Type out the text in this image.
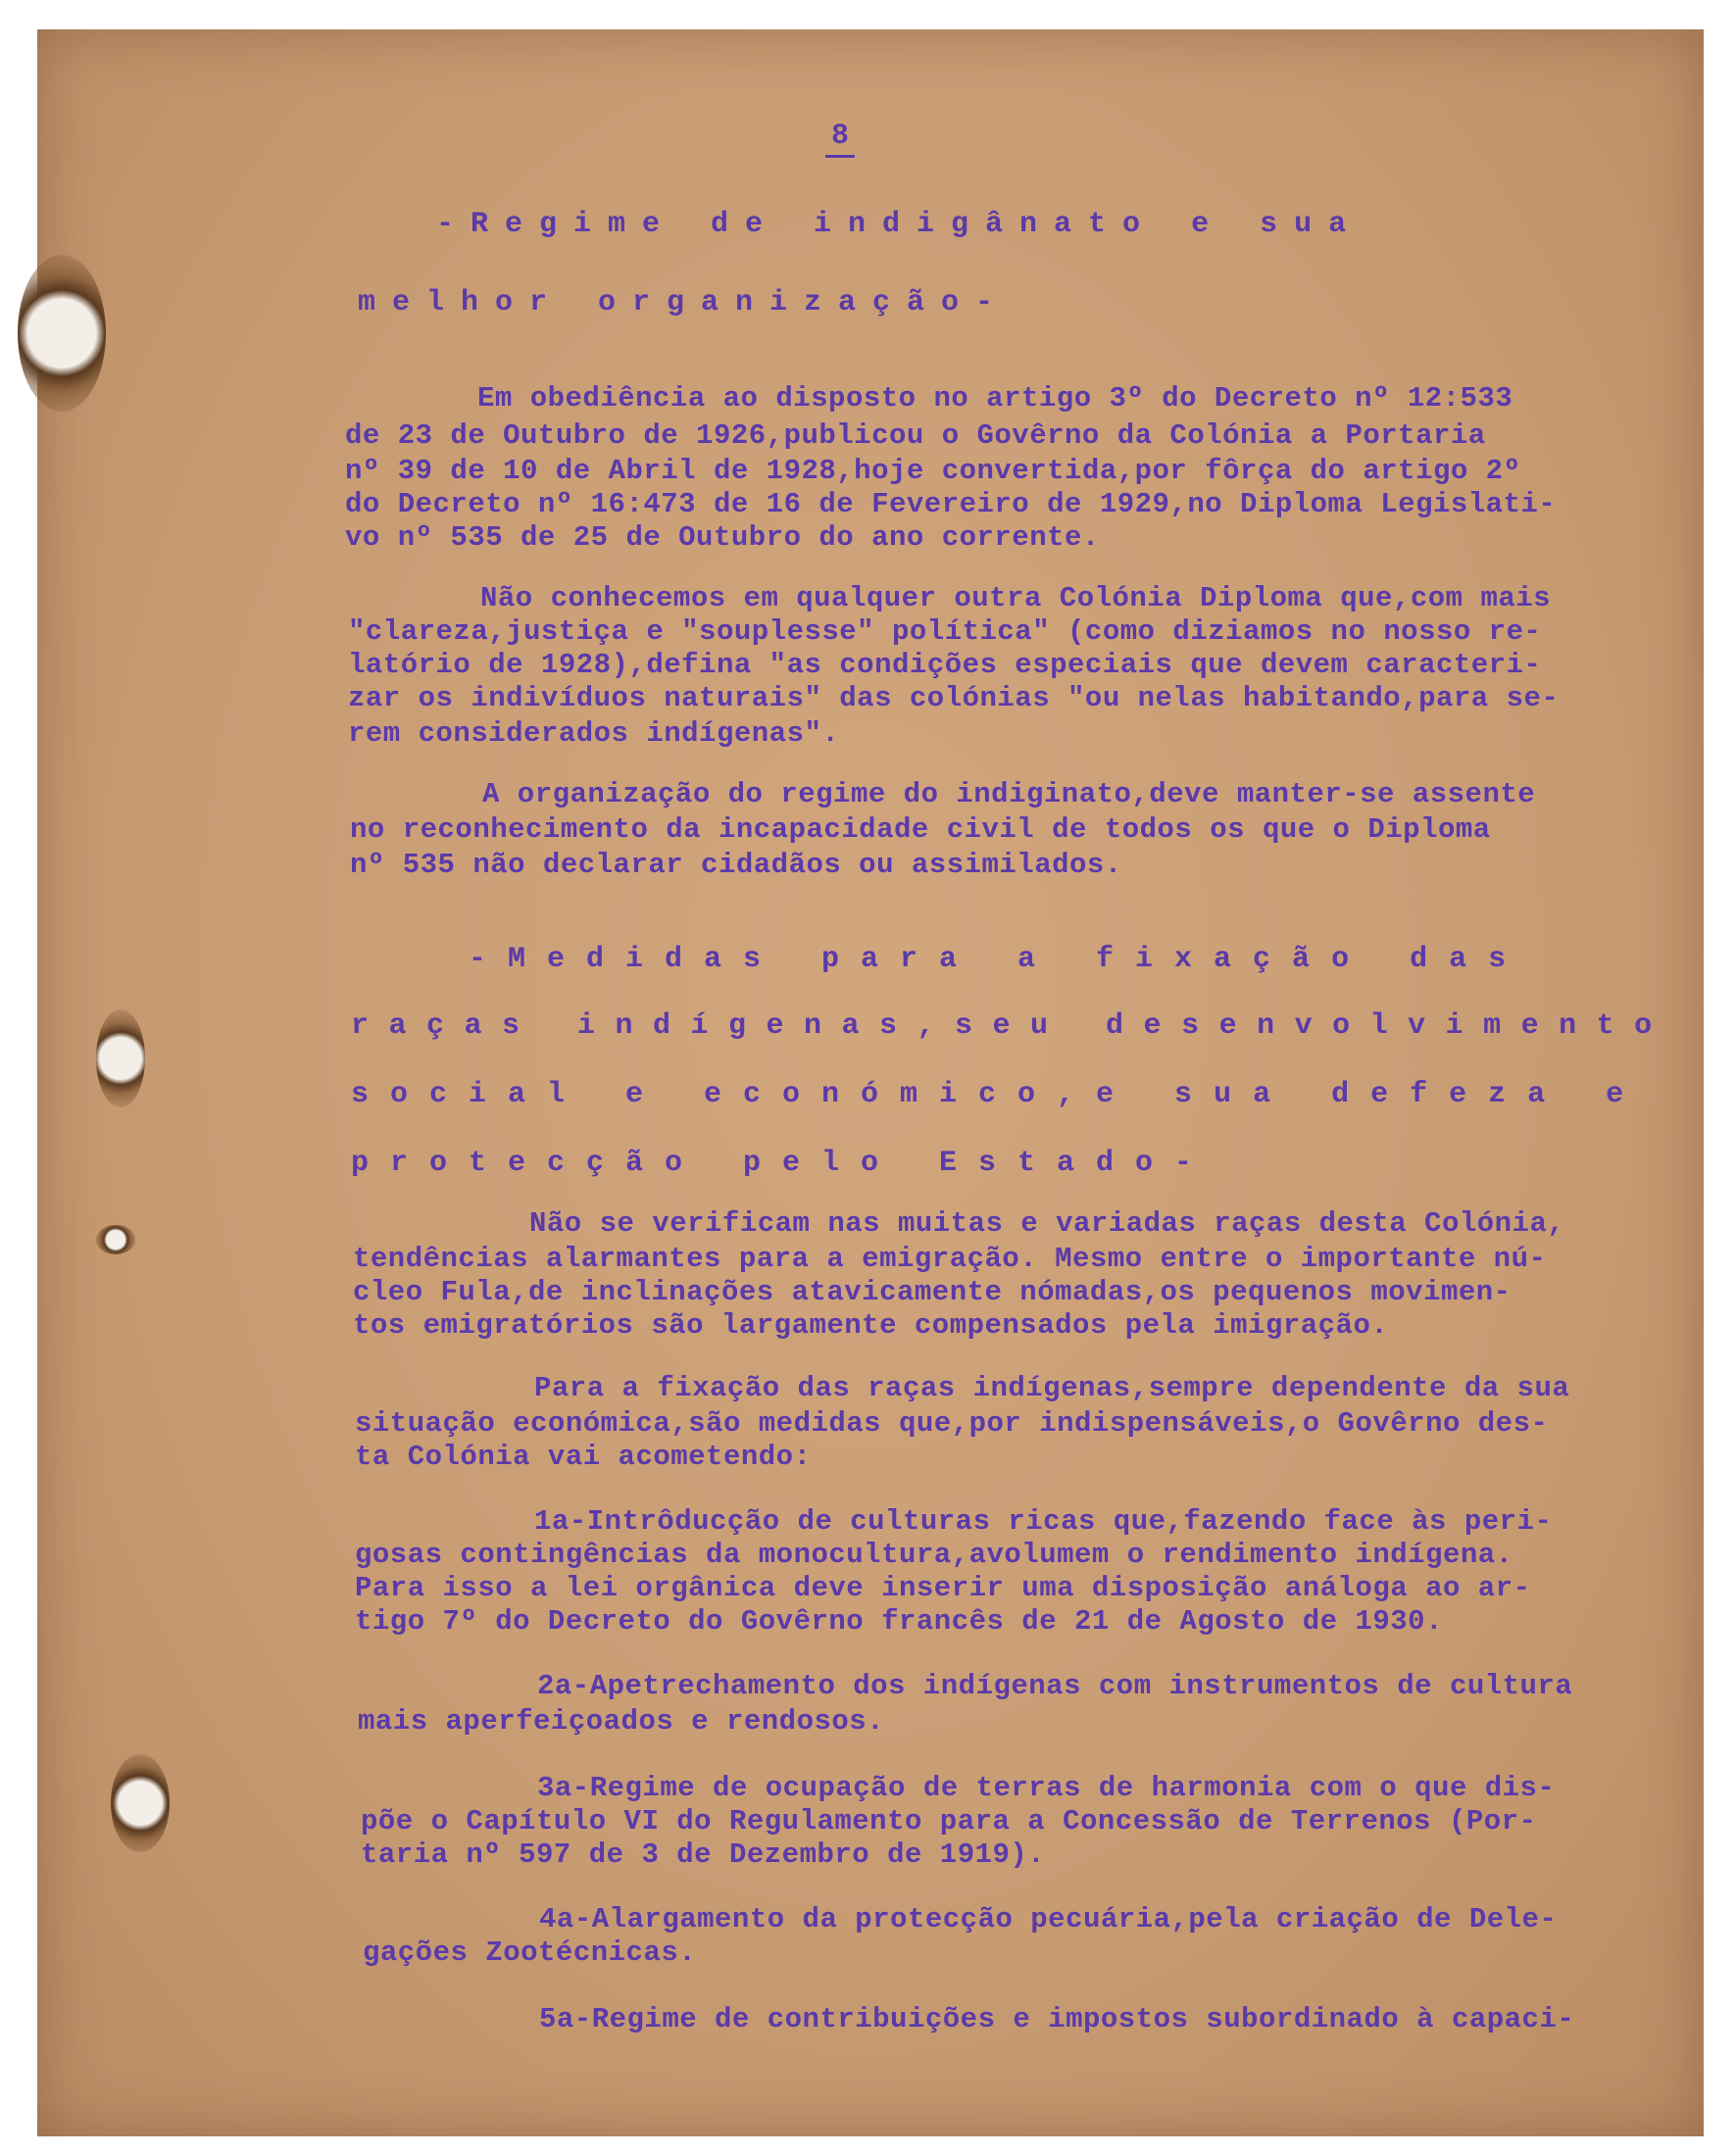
8
-Regime de indigânato e sua
melhor organização-
Em obediência ao disposto no artigo 3º do Decreto nº 12:533
de 23 de Outubro de 1926,publicou o Govêrno da Colónia a Portaria
nº 39 de 10 de Abril de 1928,hoje convertida,por fôrça do artigo 2º
do Decreto nº 16:473 de 16 de Fevereiro de 1929,no Diploma Legislati-
vo nº 535 de 25 de Outubro do ano corrente.
Não conhecemos em qualquer outra Colónia Diploma que,com mais
"clareza,justiça e "souplesse" política" (como diziamos no nosso re-
latório de 1928),defina "as condições especiais que devem caracteri-
zar os indivíduos naturais" das colónias "ou nelas habitando,para se-
rem considerados indígenas".
A organização do regime do indiginato,deve manter-se assente
no reconhecimento da incapacidade civil de todos os que o Diploma
nº 535 não declarar cidadãos ou assimilados.
-Medidas para a fixação das
raças indígenas,seu desenvolvimento
social e económico,e sua defeza e
protecção pelo Estado-
Não se verificam nas muitas e variadas raças desta Colónia,
tendências alarmantes para a emigração. Mesmo entre o importante nú-
cleo Fula,de inclinações atavicamente nómadas,os pequenos movimen-
tos emigratórios são largamente compensados pela imigração.
Para a fixação das raças indígenas,sempre dependente da sua
situação económica,são medidas que,por indispensáveis,o Govêrno des-
ta Colónia vai acometendo:
1a-Intrôducção de culturas ricas que,fazendo face às peri-
gosas contingências da monocultura,avolumem o rendimento indígena.
Para isso a lei orgânica deve inserir uma disposição análoga ao ar-
tigo 7º do Decreto do Govêrno francês de 21 de Agosto de 1930.
2a-Apetrechamento dos indígenas com instrumentos de cultura
mais aperfeiçoados e rendosos.
3a-Regime de ocupação de terras de harmonia com o que dis-
põe o Capítulo VI do Regulamento para a Concessão de Terrenos (Por-
taria nº 597 de 3 de Dezembro de 1919).
4a-Alargamento da protecção pecuária,pela criação de Dele-
gações Zootécnicas.
5a-Regime de contribuições e impostos subordinado à capaci-
